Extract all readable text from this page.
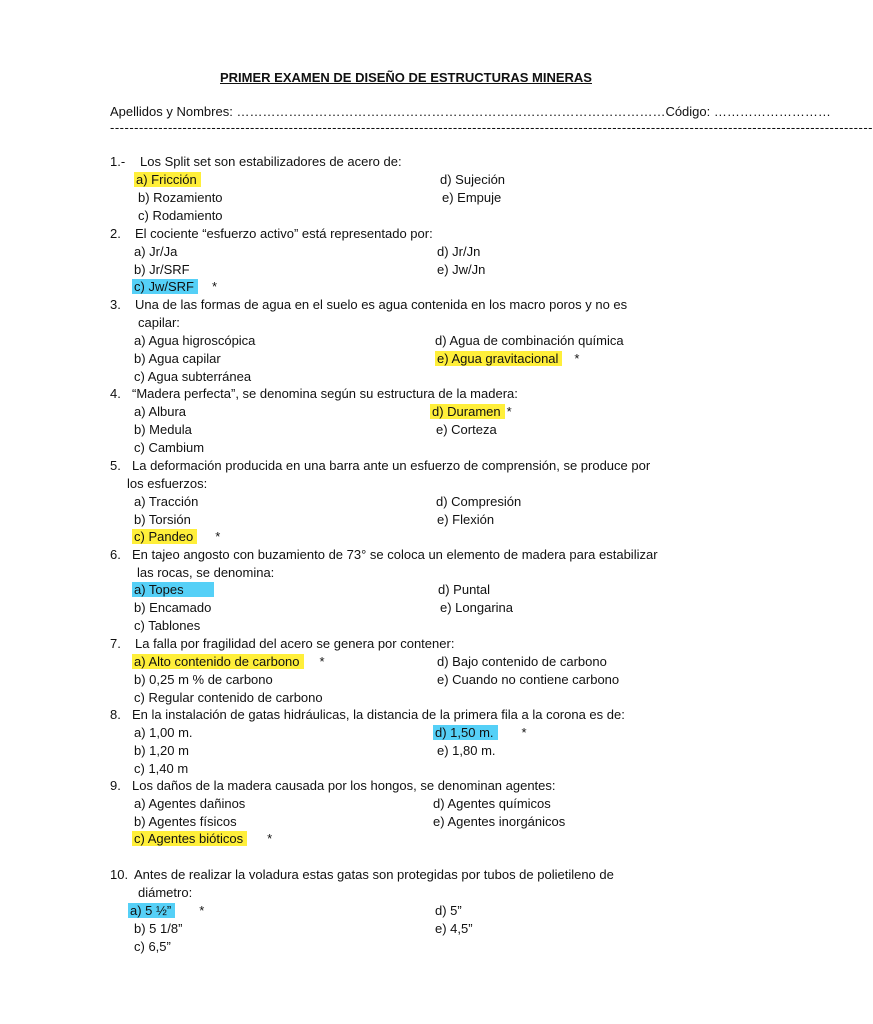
PRIMER EXAMEN DE DISEÑO DE ESTRUCTURAS MINERAS
Apellidos y Nombres: ………………………………………………………………………………………Código: ………………………
--------------------------------------------------------------------------------------------------------------------------------------------------------------
1.- Los Split set son estabilizadores de acero de:
a) Fricción
b) Rozamiento
c) Rodamiento
d) Sujeción
e) Empuje
2. El cociente “esfuerzo activo” está representado por:
a) Jr/Ja
b) Jr/SRF
c) Jw/SRF *
d) Jr/Jn
e) Jw/Jn
3. Una de las formas de agua en el suelo es agua contenida en los macro poros y no es
capilar:
a) Agua higroscópica
b) Agua capilar
c) Agua subterránea
d) Agua de combinación química
e) Agua gravitacional *
4. “Madera perfecta”, se denomina según su estructura de la madera:
a) Albura
b) Medula
c) Cambium
d) Duramen *
e) Corteza
5. La deformación producida en una barra ante un esfuerzo de comprensión, se produce por
los esfuerzos:
a) Tracción
b) Torsión
c) Pandeo *
d) Compresión
e) Flexión
6. En tajeo angosto con buzamiento de 73° se coloca un elemento de madera para estabilizar
las rocas, se denomina:
a) Topes
b) Encamado
c) Tablones
d) Puntal
e) Longarina
7. La falla por fragilidad del acero se genera por contener:
a) Alto contenido de carbono *
b) 0,25 m % de carbono
c) Regular contenido de carbono
d) Bajo contenido de carbono
e) Cuando no contiene carbono
8. En la instalación de gatas hidráulicas, la distancia de la primera fila a la corona es de:
a) 1,00 m.
b) 1,20 m
c) 1,40 m
d) 1,50 m. *
e) 1,80 m.
9. Los daños de la madera causada por los hongos, se denominan agentes:
a) Agentes dañinos
b) Agentes físicos
c) Agentes bióticos *
d) Agentes químicos
e) Agentes inorgánicos
10. Antes de realizar la voladura estas gatas son protegidas por tubos de polietileno de
diámetro:
a) 5 ½” *
b) 5 1/8”
c) 6,5”
d) 5”
e) 4,5”
